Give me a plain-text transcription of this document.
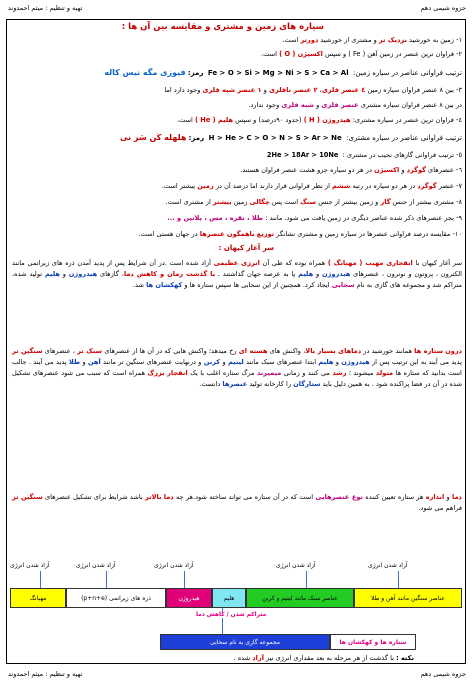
جزوه شیمی دهم
تهیه و تنظیم : میثم احمدوند
سیاره های زمین و مشتری و مقایسه بین آن ها :
١- زمین به خورشید نزدیک تر و مشتری از خورشید دورتر است.
٢- فراوان ترین عنصر در زمین آهن ( Fe ) و سپس اکسیژن ( O ) است.
ترتیب فراوانی عناصر در سیاره زمین:  Fe > O > Si > Mg > Ni > S > Ca > Al  رمز: فیوزی مگه نیس کاله
٣- بین ٨ عنصر فراوان سیاره زمین ٤ عنصر فلزی، ٢ عنصر نافلزی و ١ عنصر شبه فلزی وجود دارد اما
در بین ٨ عنصر فراوان سیاره مشتری عنصر فلزی و شبه فلزی وجود ندارد.
٤- فراوان ترین عنصر در سیاره مشتری: هیدروژن ( H ) (حدود ٩٠درصد) و سپس هلیم ( He ) است.
ترتیب فراوانی عناصر در سیاره مشتری:  H > He > C > O > N > S > Ar > Ne  رمز: هلهله کُن سَر نی
٥- ترتیب فراوانی گازهای نجیب در مشتری :  2He > 18Ar > 10Ne
٦- عنصرهای گوگرد و اکسیژن در هر دو سیاره جزو هشت عنصر فراوان هستند.
٧- عنصر گوگرد در هر دو سیاره در رتبه ششم از نظر فراوانی قرار دارند اما درصد آن در زمین بیشتر است.
٨- مشتری بیشتر از جنس گاز و زمین بیشتر از جنس سنگ است پس چگالی زمین بیشتر از مشتری است.
٩- بجز عنصرهای ذکر شده عناصر دیگری در زمین یافت می شود. مانند : طلا ، نقره ، مس ، پلاتین و ...
١٠- مقایسه درصد فراوانی عنصرها در سیاره زمین و مشتری نشانگر توزیع ناهمگون عنصرها در جهان هستی است.
سر آغاز کیهان :
سر آغاز کیهان با انفجاری مهیب ( مهبانگ ) همراه بوده که طی آن انرژی عظیمی آزاد شده است .در آن شرایط پس از پدید آمدن ذره های زیراتمی مانند الکترون ، پروتون و نوترون ، عنصرهای هیدروژن و هلیم پا به عرصه جهان گذاشتند . با گذشت زمان و کاهش دما، گازهای هیدروژن و هلیم تولید شده، متراکم شد و مجموعه های گازی به نام سحابی ایجاد کرد. همچنین از این سحابی ها سپس ستاره ها و کهکشان ها شد.
درون ستاره ها همانند خورشید در دماهای بسیار بالا، واکنش های هسته ای رخ میدهد؛ واکنش هایی که در آن ها از عنصرهای سبک تر ، عنصرهای سنگین تر پدید می آیند به این ترتیب پس از هیدروژن و هلیم ابتدا عنصرهای سبک مانند لیتیم و کربن و درنهایت عنصرهای سنگین تر مانند آهن و طلا پدید می آیند . جالب است بدانید که ستاره ها متولد میشوند ؛ رشد می کنند و زمانی میمیرند مرگ ستاره اغلب با یک انفجار بزرگ همراه است که سبب می شود عنصرهای تشکیل شده در آن در فضا پراکنده شود . به همین دلیل باید ستارگان را کارخانه تولید عنصرها دانست.
دما و اندازه هر ستاره تعیین کننده نوع عنصرهایی است که در آن ستاره می تواند ساخته شود.هر چه دما بالاتر باشد شرایط برای تشکیل عنصرهای سنگین تر فراهم می شود.
آزاد شدن انرژی
آزاد شدن انرژی
آزاد شدن انرژی
آزاد شدن انرژی
آزاد شدن انرژی
مهبانگ	(p+n+e) ذره های زیراتمی	هیدروژن	هلیم	عناصر سبک مانند لیتیم و کربن	عناصر سنگین مانند آهن و طلا
متراکم شدن / کاهش دما
مجموعه گازی به نام سحابی	ستاره ها و کهکشان ها
نکته : با گذشت از هر مرحله به بعد مقداری انرژی نیز آزاد شده .
جزوه شیمی دهم
تهیه و تنظیم : میثم احمدوند
